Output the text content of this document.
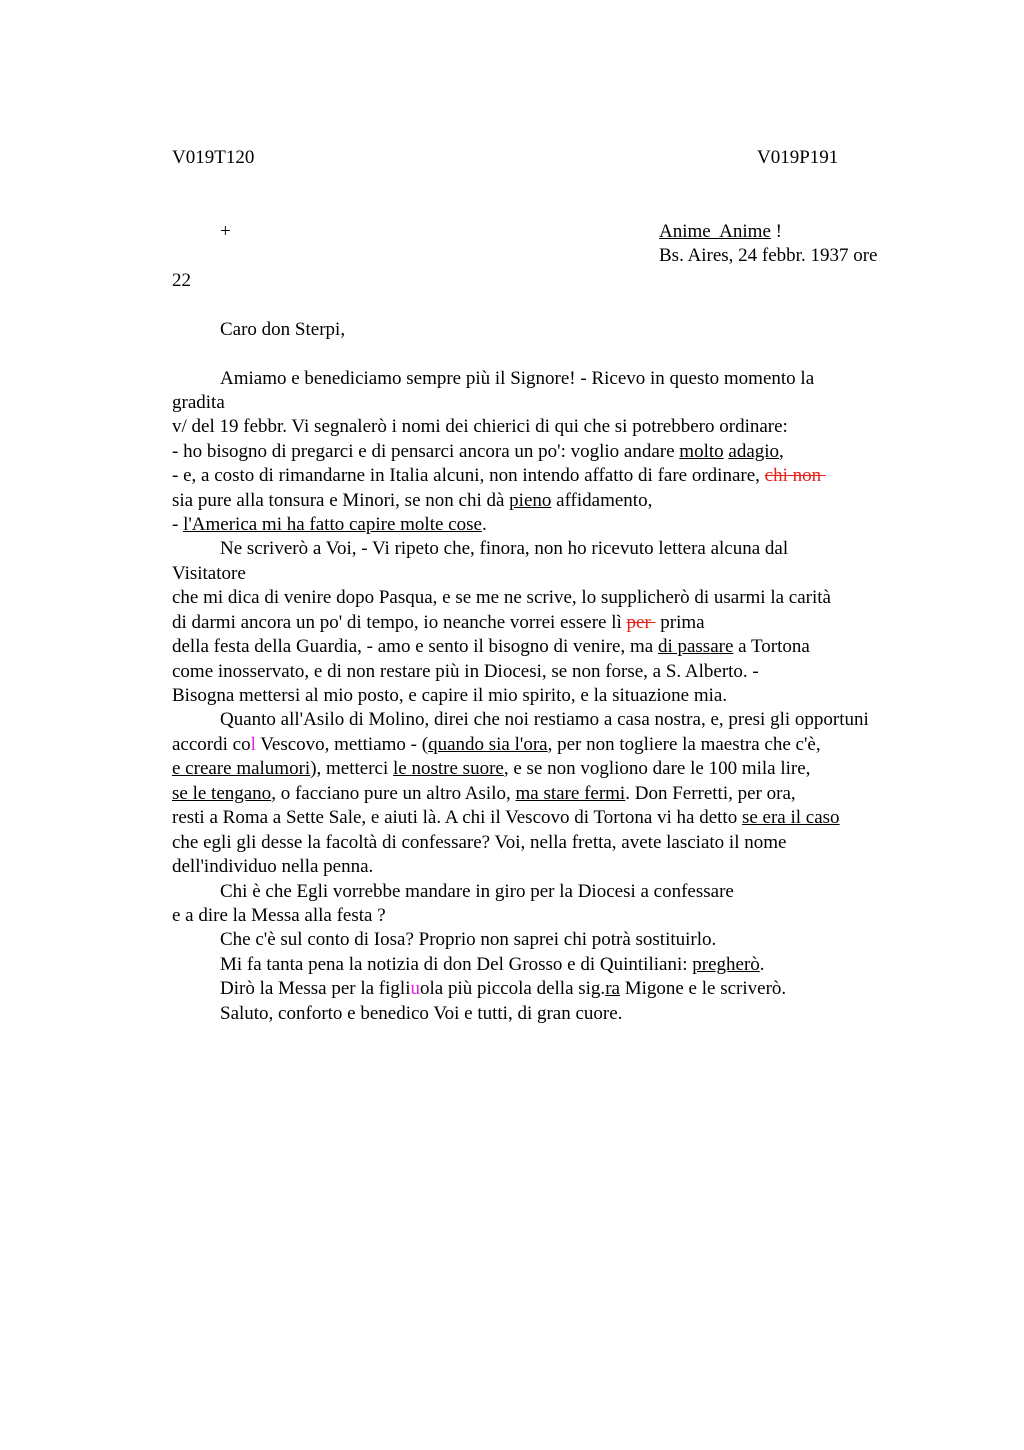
V019T120	V019P191
+	Anime  Anime !
Bs. Aires, 24 febbr. 1937 ore
22
Caro don Sterpi,
Amiamo e benediciamo sempre più il Signore! - Ricevo in questo momento la
gradita
v/ del 19 febbr. Vi segnalerò i nomi dei chierici di qui che si potrebbero ordinare:
- ho bisogno di pregarci e di pensarci ancora un po': voglio andare molto adagio,
- e, a costo di rimandarne in Italia alcuni, non intendo affatto di fare ordinare, chi non
sia pure alla tonsura e Minori, se non chi dà pieno affidamento,
- l'America mi ha fatto capire molte cose.
Ne scriverò a Voi, - Vi ripeto che, finora, non ho ricevuto lettera alcuna dal
Visitatore
che mi dica di venire dopo Pasqua, e se me ne scrive, lo supplicherò di usarmi la carità
di darmi ancora un po' di tempo, io neanche vorrei essere lì per  prima
della festa della Guardia, - amo e sento il bisogno di venire, ma di passare a Tortona
come inosservato, e di non restare più in Diocesi, se non forse, a S. Alberto. -
Bisogna mettersi al mio posto, e capire il mio spirito, e la situazione mia.
Quanto all'Asilo di Molino, direi che noi restiamo a casa nostra, e, presi gli opportuni
accordi col Vescovo, mettiamo - (quando sia l'ora, per non togliere la maestra che c'è,
e creare malumori), metterci le nostre suore, e se non vogliono dare le 100 mila lire,
se le tengano, o facciano pure un altro Asilo, ma stare fermi. Don Ferretti, per ora,
resti a Roma a Sette Sale, e aiuti là. A chi il Vescovo di Tortona vi ha detto se era il caso
che egli gli desse la facoltà di confessare? Voi, nella fretta, avete lasciato il nome
dell'individuo nella penna.
Chi è che Egli vorrebbe mandare in giro per la Diocesi a confessare
e a dire la Messa alla festa ?
Che c'è sul conto di Iosa? Proprio non saprei chi potrà sostituirlo.
Mi fa tanta pena la notizia di don Del Grosso e di Quintiliani: pregherò.
Dirò la Messa per la figliuola più piccola della sig.ra Migone e le scriverò.
Saluto, conforto e benedico Voi e tutti, di gran cuore.
